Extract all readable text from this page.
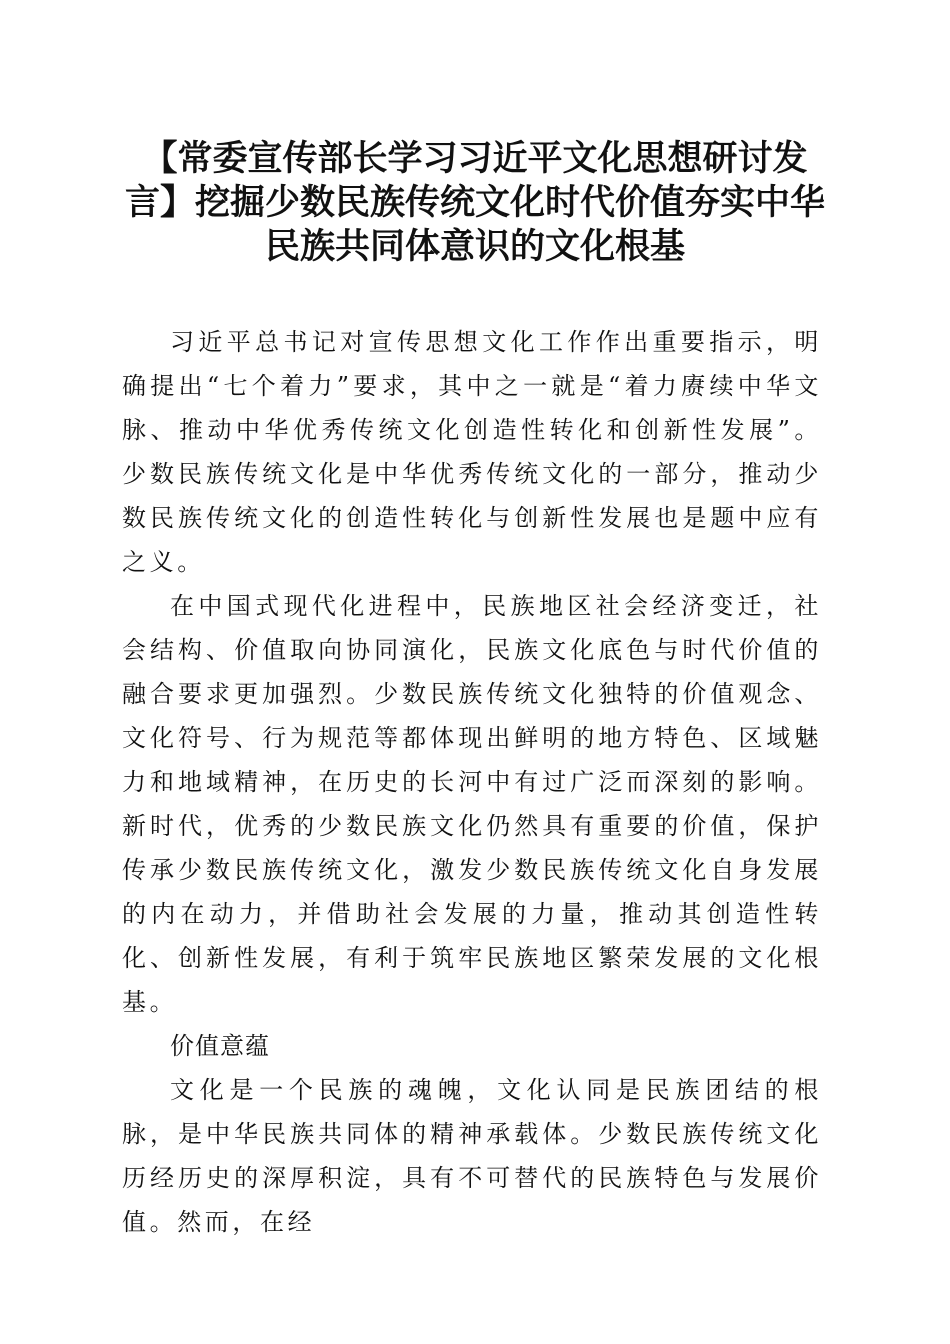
【常委宣传部长学习习近平文化思想研讨发
言】挖掘少数民族传统文化时代价值夯实中华
民族共同体意识的文化根基

习近平总书记对宣传思想文化工作作出重要指示，明确提出“七个着力”要求，其中之一就是“着力赓续中华文脉、推动中华优秀传统文化创造性转化和创新性发展”。少数民族传统文化是中华优秀传统文化的一部分，推动少数民族传统文化的创造性转化与创新性发展也是题中应有之义。

在中国式现代化进程中，民族地区社会经济变迁，社会结构、价值取向协同演化，民族文化底色与时代价值的融合要求更加强烈。少数民族传统文化独特的价值观念、文化符号、行为规范等都体现出鲜明的地方特色、区域魅力和地域精神，在历史的长河中有过广泛而深刻的影响。新时代，优秀的少数民族文化仍然具有重要的价值，保护传承少数民族传统文化，激发少数民族传统文化自身发展的内在动力，并借助社会发展的力量，推动其创造性转化、创新性发展，有利于筑牢民族地区繁荣发展的文化根基。

价值意蕴

文化是一个民族的魂魄，文化认同是民族团结的根脉，是中华民族共同体的精神承载体。少数民族传统文化历经历史的深厚积淀，具有不可替代的民族特色与发展价值。然而，在经
